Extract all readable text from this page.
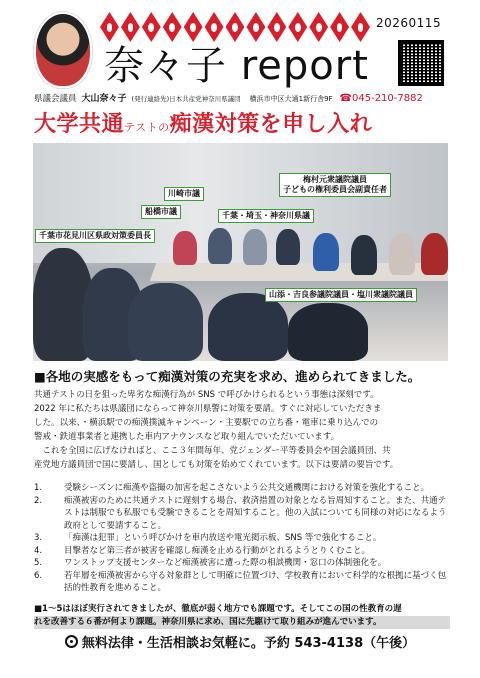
20260115
奈々子 report
県議会議員 大山奈々子 (発行連絡先)日本共産党神奈川県議団 横浜市中区大通1新行舎9F ☎045-210-7882
大学共通テストの痴漢対策を申し入れ
川崎市議
船橋市議	千葉・埼玉・神奈川県議
梅村元衆議院議員
子どもの権利委員会副責任者
千葉市花見川区県政対策委員長
山添・吉良参議院議員・塩川衆議院議員
■各地の実感をもって痴漢対策の充実を求め、進められてきました。

共通テストの日を狙った卑劣な痴漢行為が SNS で呼びかけられるという事態は深刻です。

2022 年に私たちは県議団にならって神奈川県警に対策を要請。すぐに対応していただきま

した。以来、・横浜駅での痴漢撲滅キャンペーン・主要駅での立ち番・電車に乗り込んでの

警戒・鉄道事業者と連携した車内アナウンスなど取り組んでいただいています。

　これを全国に広げなければと、ここ３年間毎年、党ジェンダー平等委員会や国会議員団、共

産党地方議員団で国に要請し、国としても対策を始めてくれています。以下は要請の要旨です。

1.	受験シーズンに痴漢や盗撮の加害を起こさないよう公共交通機関における対策を強化すること。
2.	痴漢被害のために共通テストに遅刻する場合、救済措置の対象となる旨周知すること。また、共通テストは制服でも私服でも受験できることを周知すること。他の入試についても同様の対応になるよう政府として要請すること。
3.	「痴漢は犯罪」という呼びかけを車内放送や電光掲示板、SNS 等で強化すること。
4.	目撃者など第三者が被害を確認し痴漢を止める行動がとれるようとりくむこと。
5.	ワンストップ支援センターなど痴漢被害に遭った際の相談機関・窓口の体制強化を。
6.	若年層を痴漢被害から守る対象群として明確に位置づけ、学校教育において科学的な根拠に基づく包括的性教育を進めること。
■1～5はほぼ実行されてきましたが、徹底が弱く地方でも課題です。そしてこの国の性教育の遅
れを改善する６番が何より課題。神奈川県に求め、国に先駆けて取り組みが進んでいます。
無料法律・生活相談お気軽に。予約 543-4138（午後）
